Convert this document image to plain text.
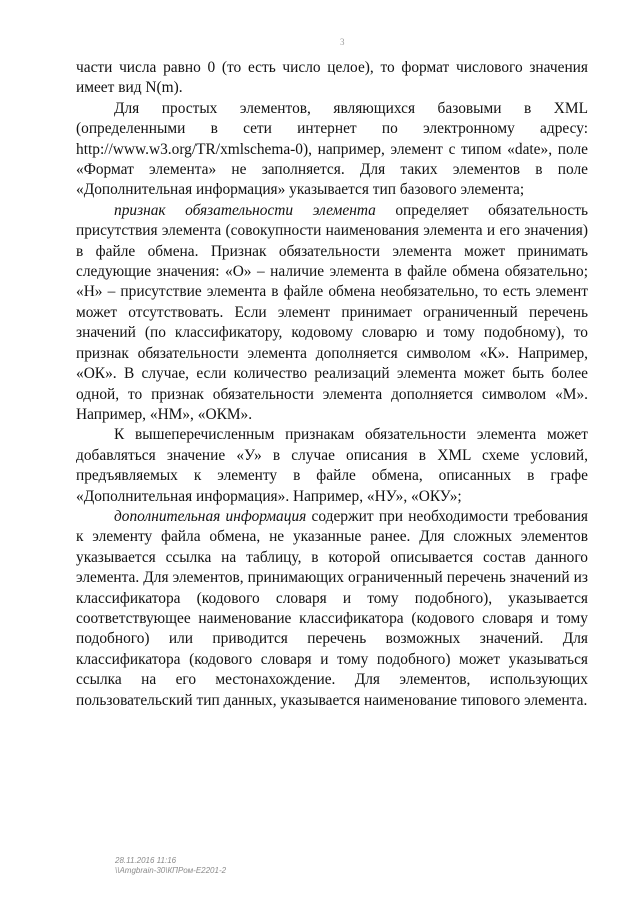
3

части числа равно 0 (то есть число целое), то формат числового значения имеет вид N(m).

Для простых элементов, являющихся базовыми в XML (определенными в сети интернет по электронному адресу: http://www.w3.org/TR/xmlschema-0), например, элемент с типом «date», поле «Формат элемента» не заполняется. Для таких элементов в поле «Дополнительная информация» указывается тип базового элемента;

признак обязательности элемента определяет обязательность присутствия элемента (совокупности наименования элемента и его значения) в файле обмена. Признак обязательности элемента может принимать следующие значения: «О» – наличие элемента в файле обмена обязательно; «Н» – присутствие элемента в файле обмена необязательно, то есть элемент может отсутствовать. Если элемент принимает ограниченный перечень значений (по классификатору, кодовому словарю и тому подобному), то признак обязательности элемента дополняется символом «К». Например, «ОК». В случае, если количество реализаций элемента может быть более одной, то признак обязательности элемента дополняется символом «М». Например, «НМ», «ОКМ».

К вышеперечисленным признакам обязательности элемента может добавляться значение «У» в случае описания в XML схеме условий, предъявляемых к элементу в файле обмена, описанных в графе «Дополнительная информация». Например, «НУ», «ОКУ»;

дополнительная информация содержит при необходимости требования к элементу файла обмена, не указанные ранее. Для сложных элементов указывается ссылка на таблицу, в которой описывается состав данного элемента. Для элементов, принимающих ограниченный перечень значений из классификатора (кодового словаря и тому подобного), указывается соответствующее наименование классификатора (кодового словаря и тому подобного) или приводится перечень возможных значений. Для классификатора (кодового словаря и тому подобного) может указываться ссылка на его местонахождение. Для элементов, использующих пользовательский тип данных, указывается наименование типового элемента.

28.11.2016 11:16
\\Amgbrain-30\КПРом-Е2201-2
